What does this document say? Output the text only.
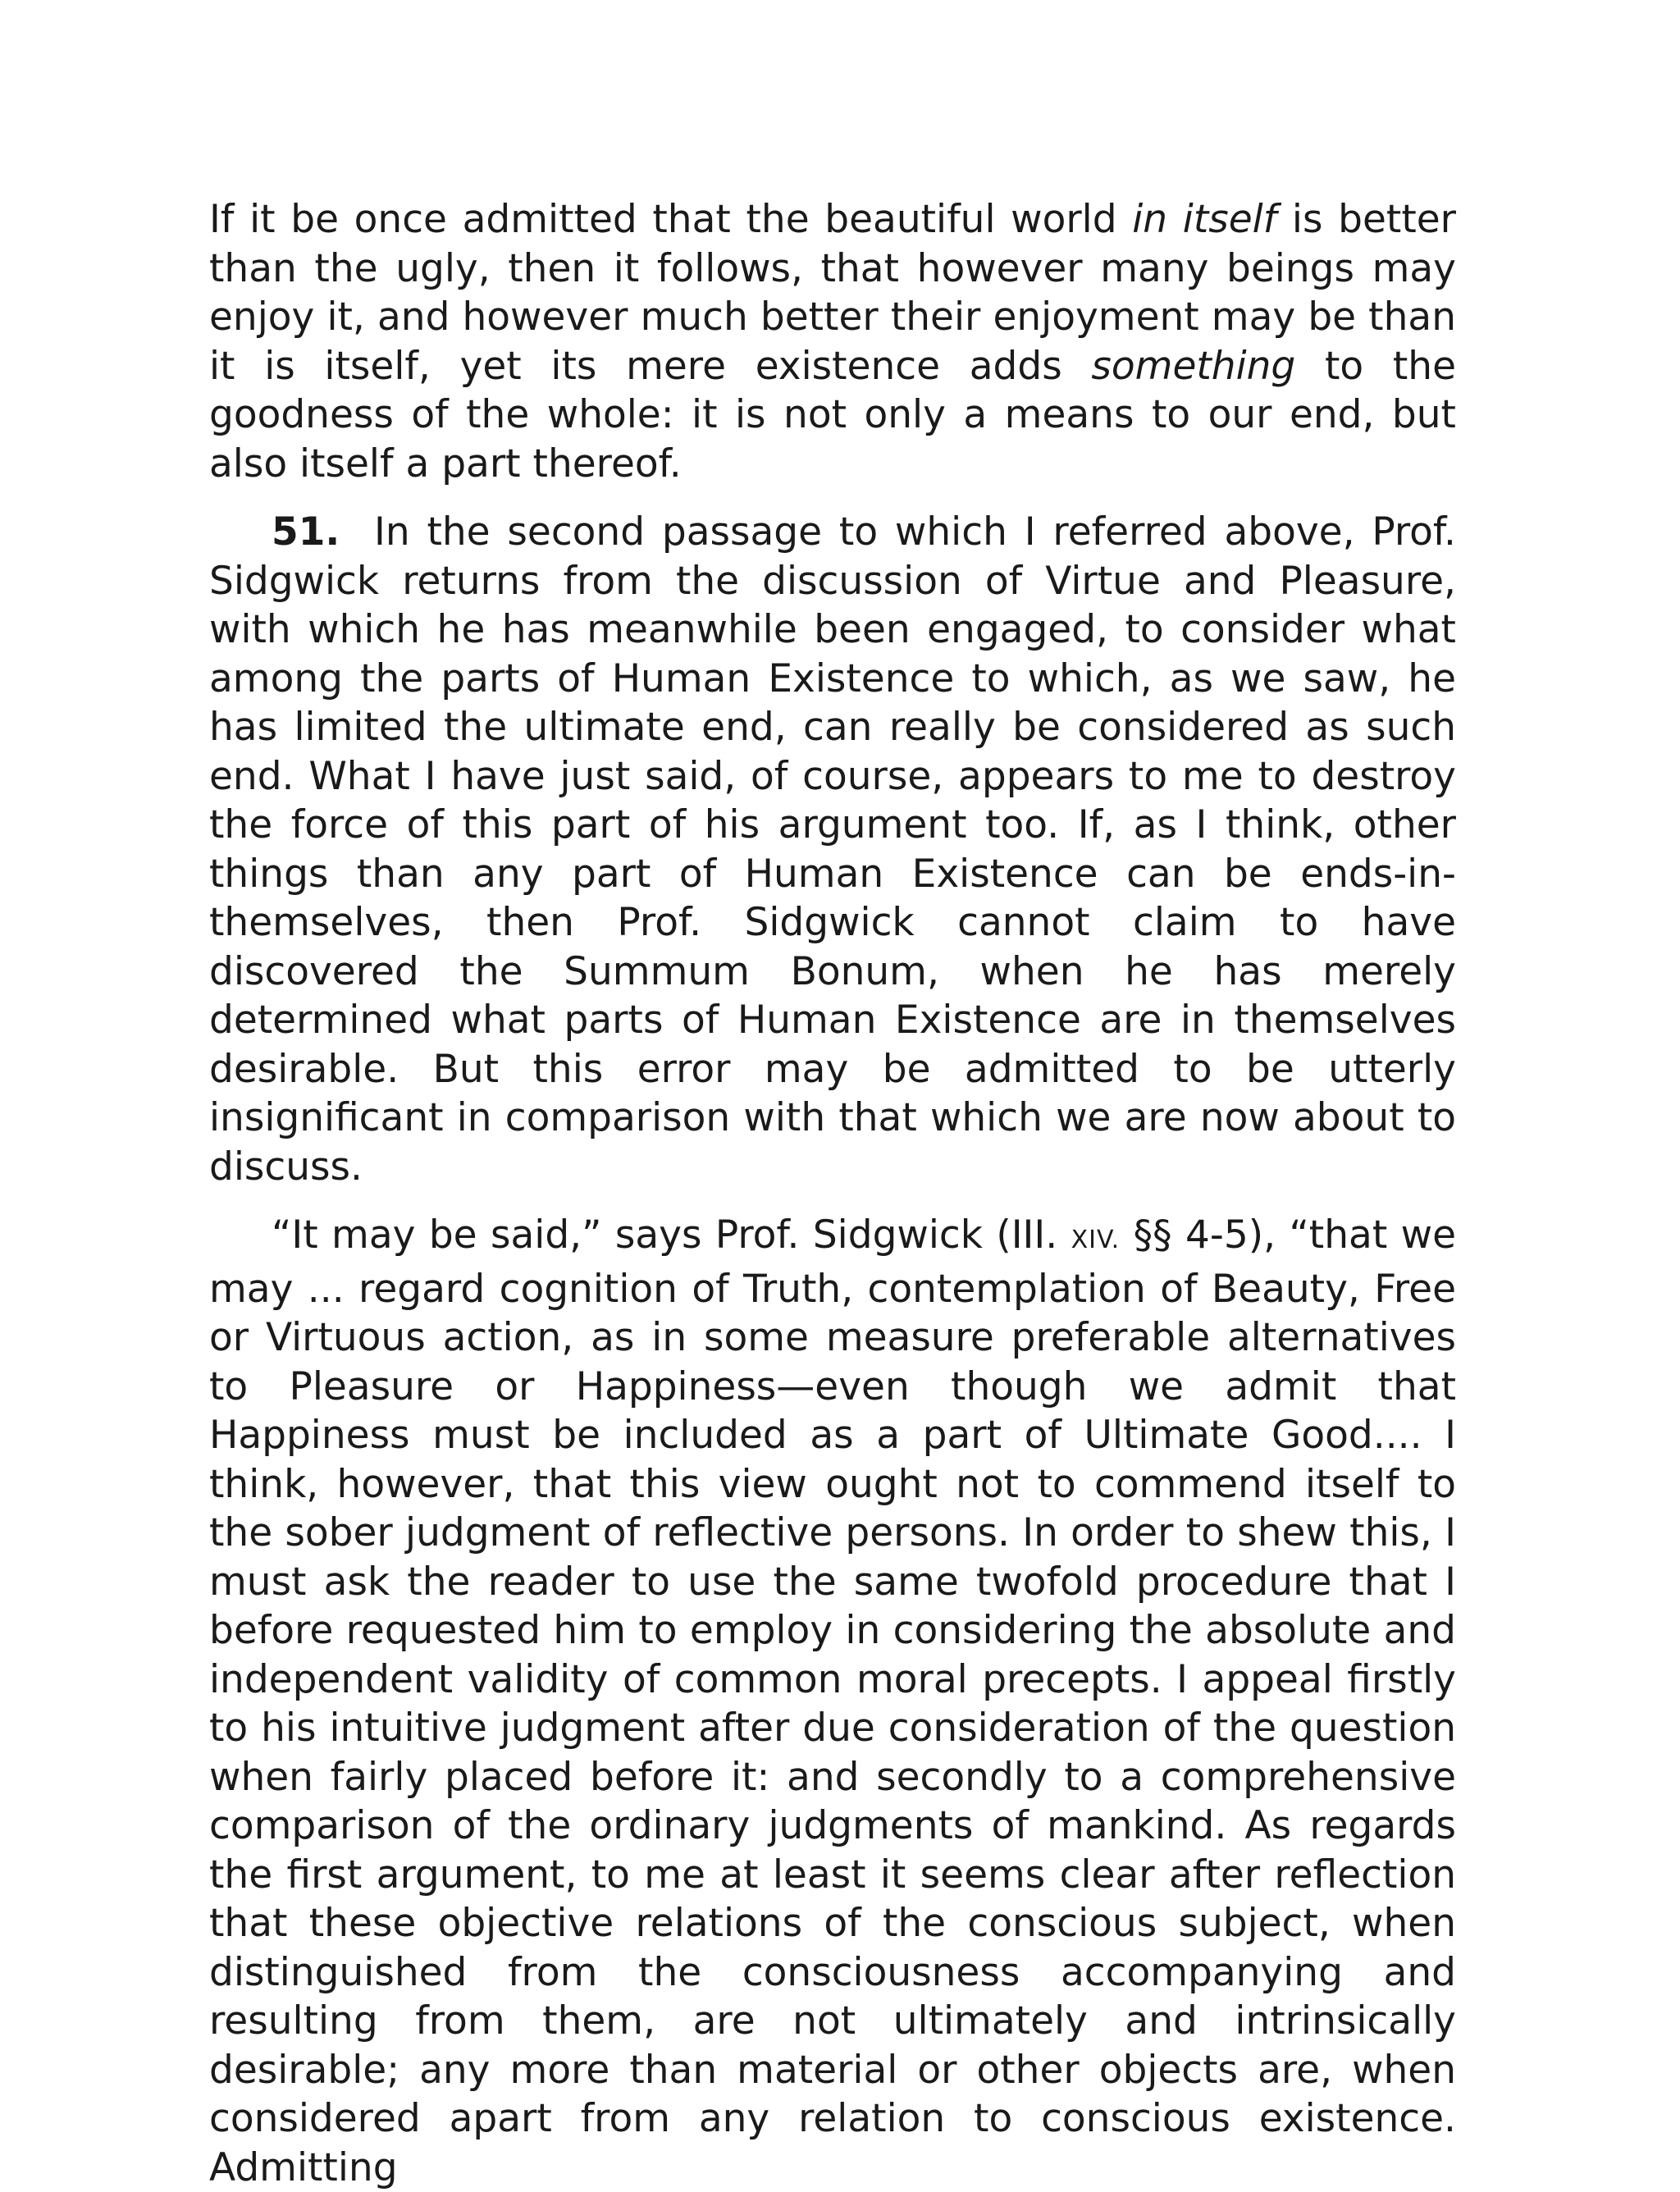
If it be once admitted that the beautiful world in itself is better than the ugly, then it follows, that however many beings may enjoy it, and however much better their enjoyment may be than it is itself, yet its mere existence adds something to the goodness of the whole: it is not only a means to our end, but also itself a part thereof.

51.  In the second passage to which I referred above, Prof. Sidgwick returns from the discussion of Virtue and Pleasure, with which he has meanwhile been engaged, to consider what among the parts of Human Existence to which, as we saw, he has limited the ultimate end, can really be considered as such end. What I have just said, of course, appears to me to destroy the force of this part of his argument too. If, as I think, other things than any part of Human Existence can be ends-in-themselves, then Prof. Sidgwick cannot claim to have discovered the Summum Bonum, when he has merely determined what parts of Human Existence are in themselves desirable. But this error may be admitted to be utterly insignificant in comparison with that which we are now about to discuss.

“It may be said,” says Prof. Sidgwick (III. XIV. §§ 4-5), “that we may ... regard cognition of Truth, contemplation of Beauty, Free or Virtuous action, as in some measure preferable alternatives to Pleasure or Happiness—even though we admit that Happiness must be included as a part of Ultimate Good.... I think, however, that this view ought not to commend itself to the sober judgment of reflective persons. In order to shew this, I must ask the reader to use the same twofold procedure that I before requested him to employ in considering the absolute and independent validity of common moral precepts. I appeal firstly to his intuitive judgment after due consideration of the question when fairly placed before it: and secondly to a comprehensive comparison of the ordinary judgments of mankind. As regards the first argument, to me at least it seems clear after reflection that these objective relations of the conscious subject, when distinguished from the consciousness accompanying and resulting from them, are not ultimately and intrinsically desirable; any more than material or other objects are, when considered apart from any relation to conscious existence. Admitting
